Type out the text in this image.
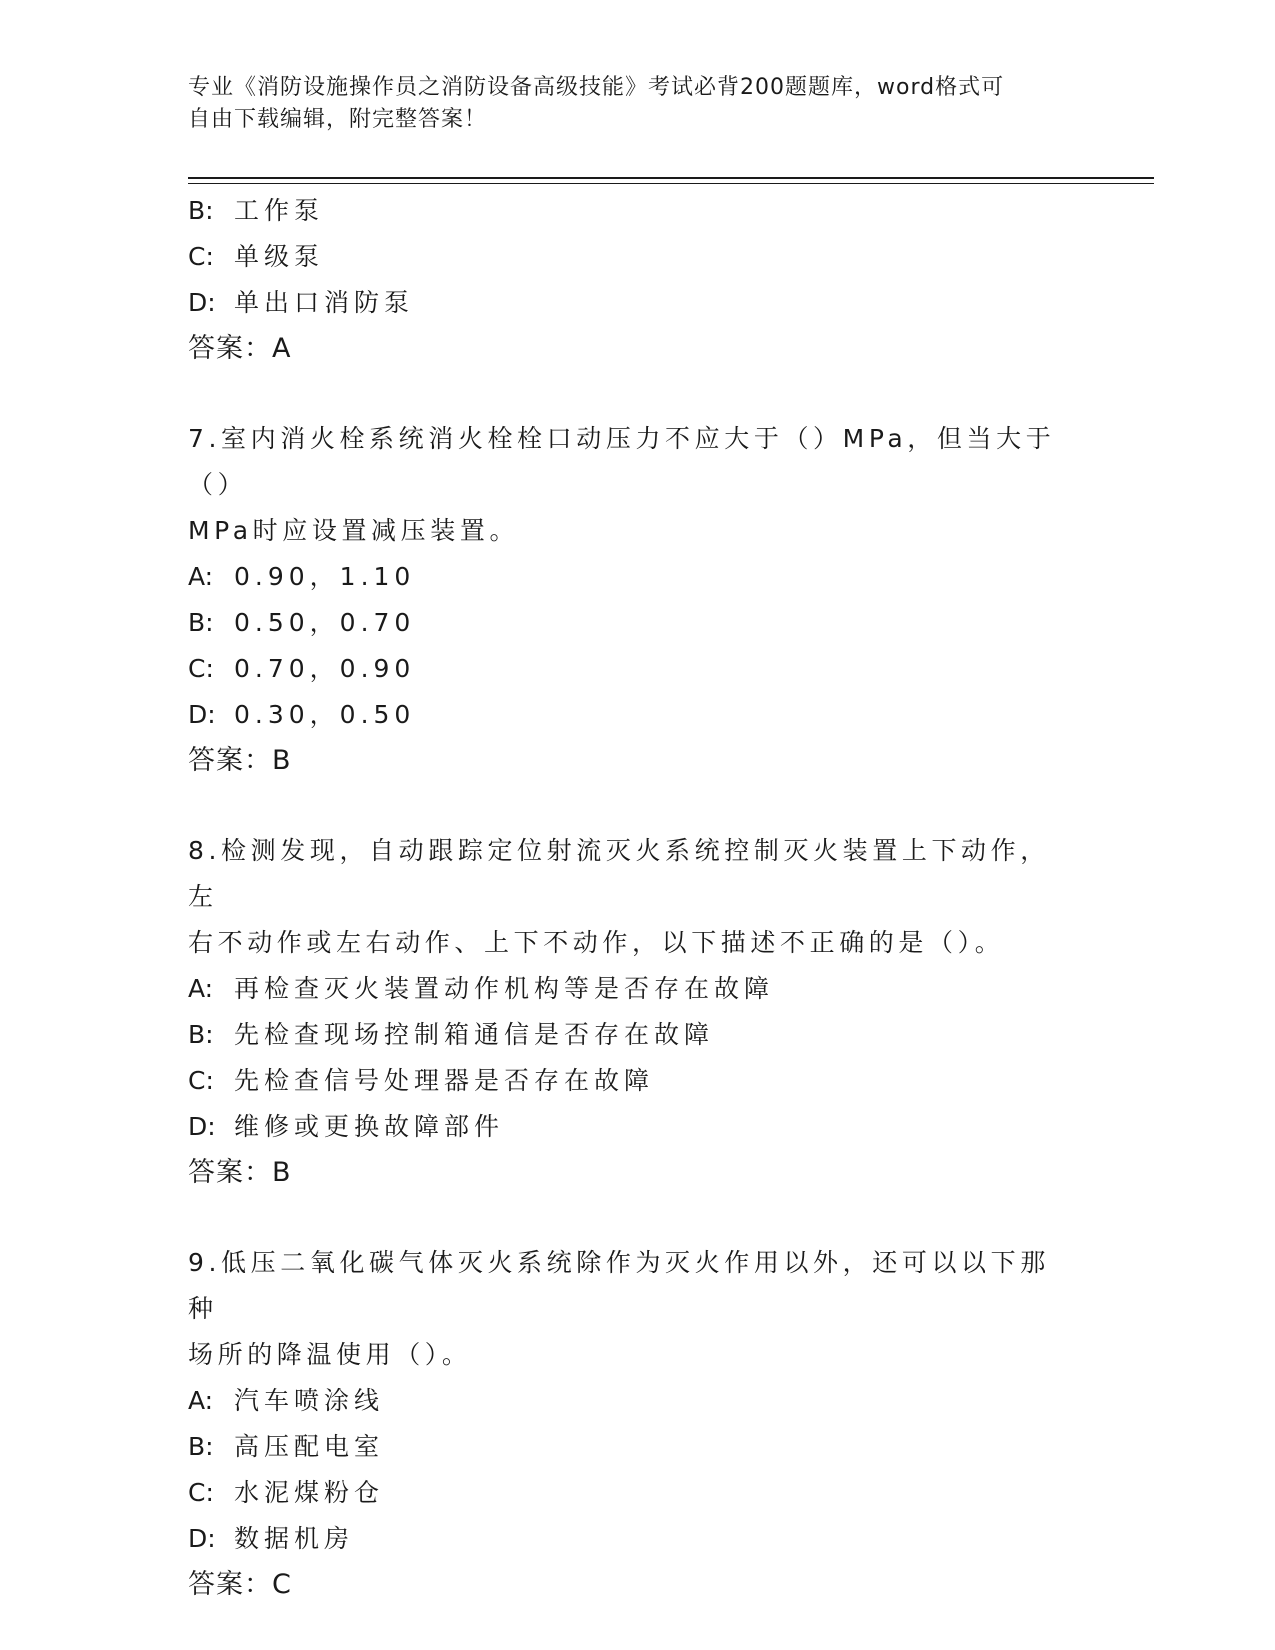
专业《消防设施操作员之消防设备高级技能》考试必背200题题库，word格式可
自由下载编辑，附完整答案！
B: 工作泵
C: 单级泵
D: 单出口消防泵
答案：A
7.室内消火栓系统消火栓栓口动压力不应大于（）MPa，但当大于（）
MPa时应设置减压装置。
A: 0.90，1.10
B: 0.50，0.70
C: 0.70，0.90
D: 0.30，0.50
答案：B
8.检测发现，自动跟踪定位射流灭火系统控制灭火装置上下动作，左
右不动作或左右动作、上下不动作，以下描述不正确的是（）。
A: 再检查灭火装置动作机构等是否存在故障
B: 先检查现场控制箱通信是否存在故障
C: 先检查信号处理器是否存在故障
D: 维修或更换故障部件
答案：B
9.低压二氧化碳气体灭火系统除作为灭火作用以外，还可以以下那种
场所的降温使用（）。
A: 汽车喷涂线
B: 高压配电室
C: 水泥煤粉仓
D: 数据机房
答案：C
